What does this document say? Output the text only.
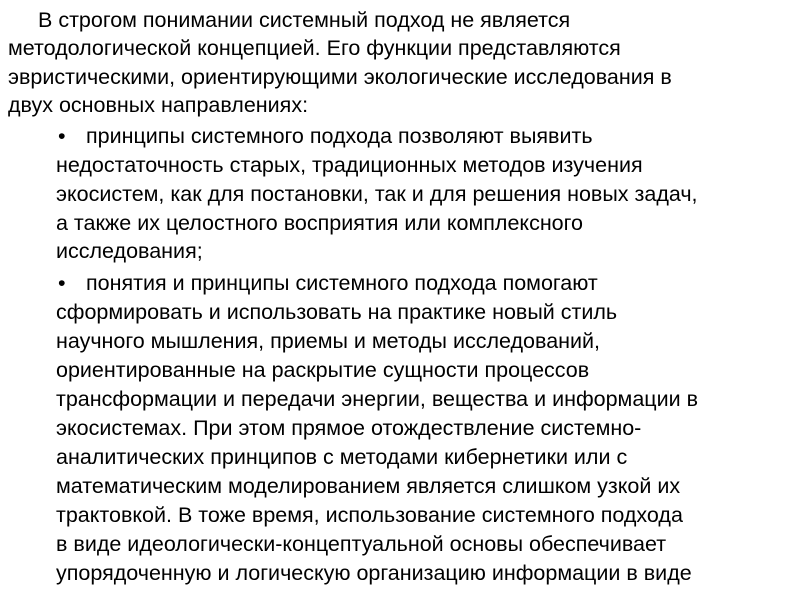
В строгом понимании системный подход не является
методологической концепцией. Его функции представляются
эвристическими, ориентирующими экологические исследования в
двух основных направлениях:
• принципы системного подхода позволяют выявить
недостаточность старых, традиционных методов изучения
экосистем, как для постановки, так и для решения новых задач,
а также их целостного восприятия или комплексного
исследования;
• понятия и принципы системного подхода помогают
сформировать и использовать на практике новый стиль
научного мышления, приемы и методы исследований,
ориентированные на раскрытие сущности процессов
трансформации и передачи энергии, вещества и информации в
экосистемах. При этом прямое отождествление системно-
аналитических принципов с методами кибернетики или с
математическим моделированием является слишком узкой их
трактовкой. В тоже время, использование системного подхода
в виде идеологически-концептуальной основы обеспечивает
упорядоченную и логическую организацию информации в виде
